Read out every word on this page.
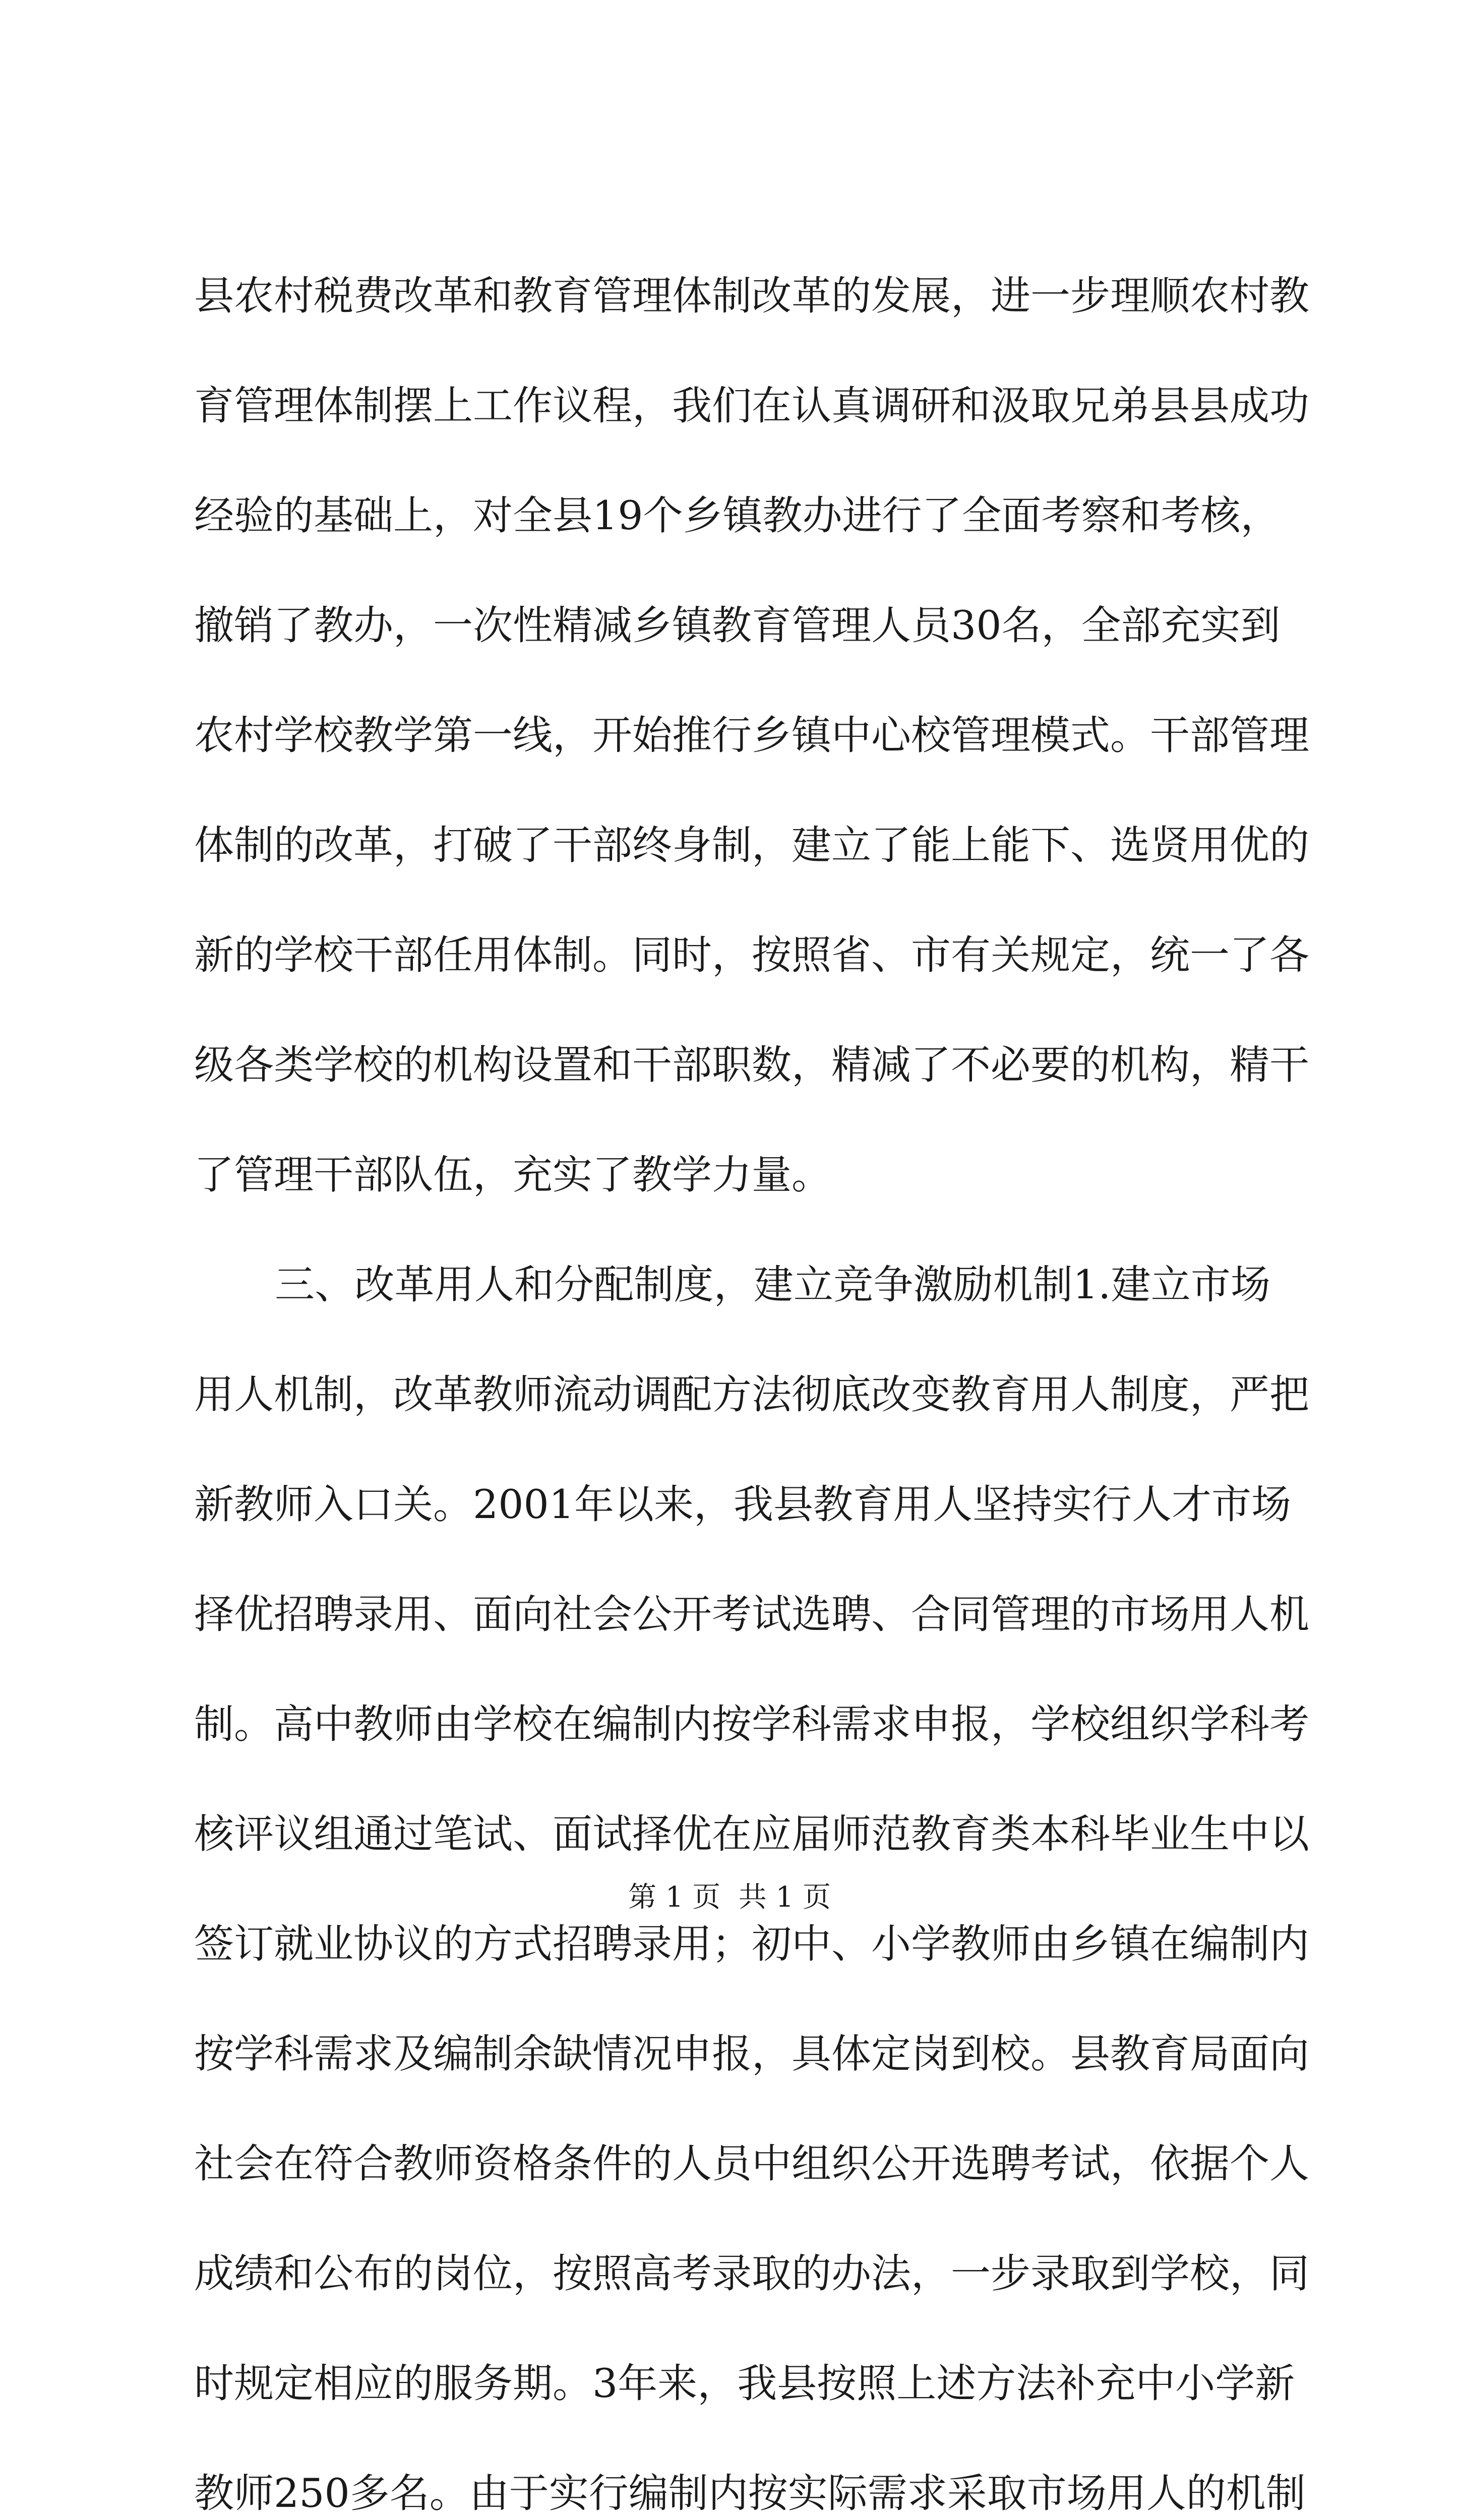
县农村税费改革和教育管理体制改革的发展，进一步理顺农村教
育管理体制摆上工作议程，我们在认真调研和汲取兄弟县县成功
经验的基础上，对全县19个乡镇教办进行了全面考察和考核，
撤销了教办，一次性精减乡镇教育管理人员30名，全部充实到
农村学校教学第一线，开始推行乡镇中心校管理模式。干部管理
体制的改革，打破了干部终身制，建立了能上能下、选贤用优的
新的学校干部任用体制。同时，按照省、市有关规定，统一了各
级各类学校的机构设置和干部职数，精减了不必要的机构，精干
了管理干部队伍，充实了教学力量。
三、改革用人和分配制度，建立竞争激励机制1.建立市场
用人机制，改革教师流动调配方法彻底改变教育用人制度，严把
新教师入口关。2001年以来，我县教育用人坚持实行人才市场
择优招聘录用、面向社会公开考试选聘、合同管理的市场用人机
制。高中教师由学校在编制内按学科需求申报，学校组织学科考
核评议组通过笔试、面试择优在应届师范教育类本科毕业生中以
签订就业协议的方式招聘录用；初中、小学教师由乡镇在编制内
按学科需求及编制余缺情况申报，具体定岗到校。县教育局面向
社会在符合教师资格条件的人员中组织公开选聘考试，依据个人
成绩和公布的岗位，按照高考录取的办法，一步录取到学校，同
时规定相应的服务期。3年来，我县按照上述方法补充中小学新
教师250多名。由于实行编制内按实际需求采取市场用人的机制
第 1 页  共 1 页
